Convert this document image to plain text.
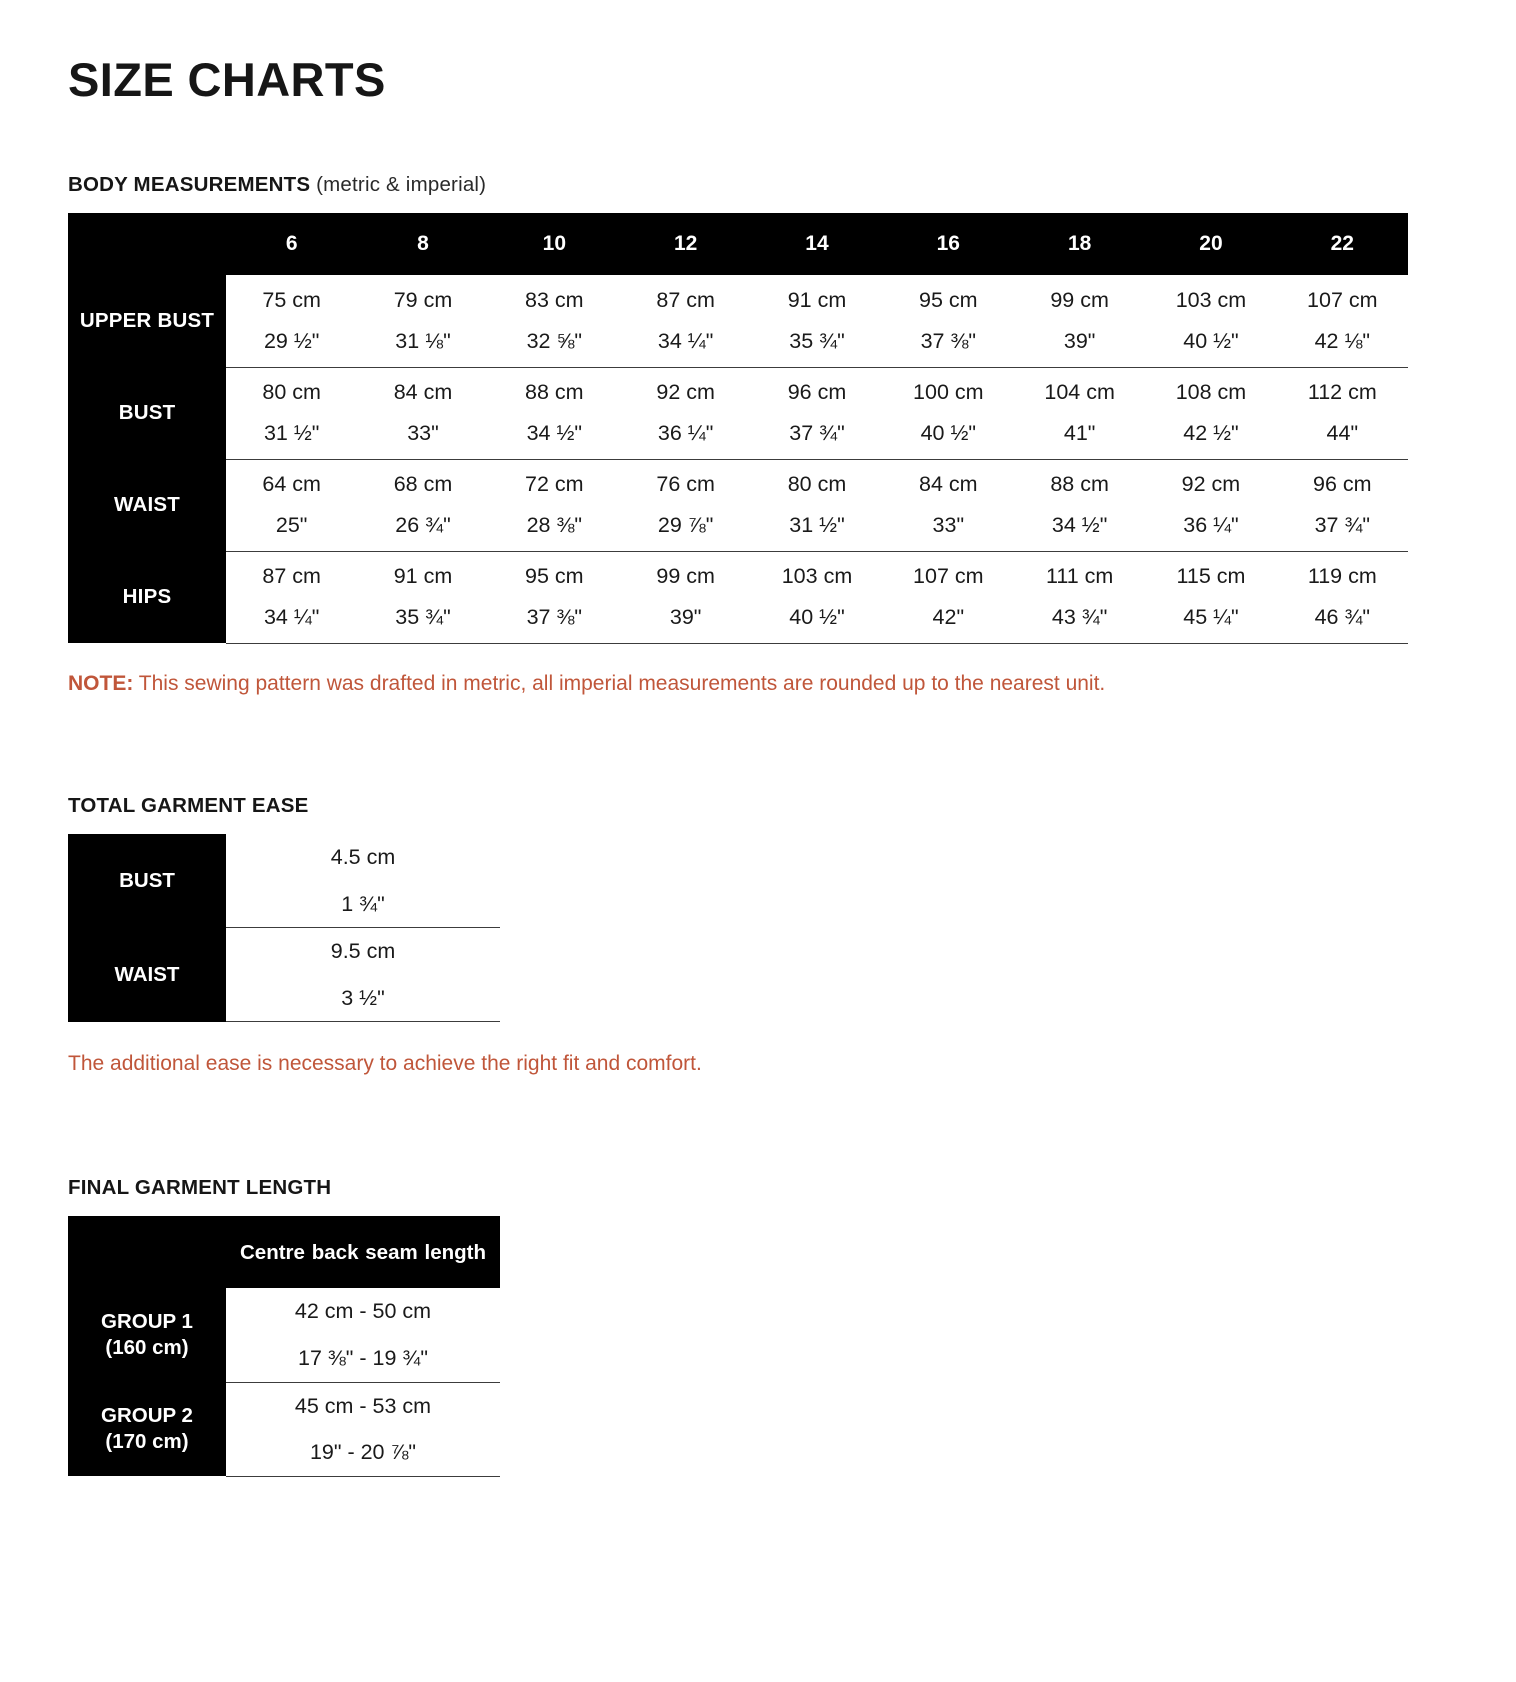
SIZE CHARTS
BODY MEASUREMENTS (metric & imperial)
	6	8	10	12	14	16	18	20	22
UPPER BUST	75 cm	79 cm	83 cm	87 cm	91 cm	95 cm	99 cm	103 cm	107 cm
	29 ½"	31 ⅛"	32 ⅝"	34 ¼"	35 ¾"	37 ⅜"	39"	40 ½"	42 ⅛"
BUST	80 cm	84 cm	88 cm	92 cm	96 cm	100 cm	104 cm	108 cm	112 cm
	31 ½"	33"	34 ½"	36 ¼"	37 ¾"	40 ½"	41"	42 ½"	44"
WAIST	64 cm	68 cm	72 cm	76 cm	80 cm	84 cm	88 cm	92 cm	96 cm
	25"	26 ¾"	28 ⅜"	29 ⅞"	31 ½"	33"	34 ½"	36 ¼"	37 ¾"
HIPS	87 cm	91 cm	95 cm	99 cm	103 cm	107 cm	111 cm	115 cm	119 cm
	34 ¼"	35 ¾"	37 ⅜"	39"	40 ½"	42"	43 ¾"	45 ¼"	46 ¾"

NOTE: This sewing pattern was drafted in metric, all imperial measurements are rounded up to the nearest unit.

TOTAL GARMENT EASE
BUST	4.5 cm
	1 ¾"
WAIST	9.5 cm
	3 ½"

The additional ease is necessary to achieve the right fit and comfort.

FINAL GARMENT LENGTH
	Centre back seam length
GROUP 1
(160 cm)	42 cm - 50 cm
	17 ⅜" - 19 ¾"
GROUP 2
(170 cm)	45 cm - 53 cm
	19" - 20 ⅞"
